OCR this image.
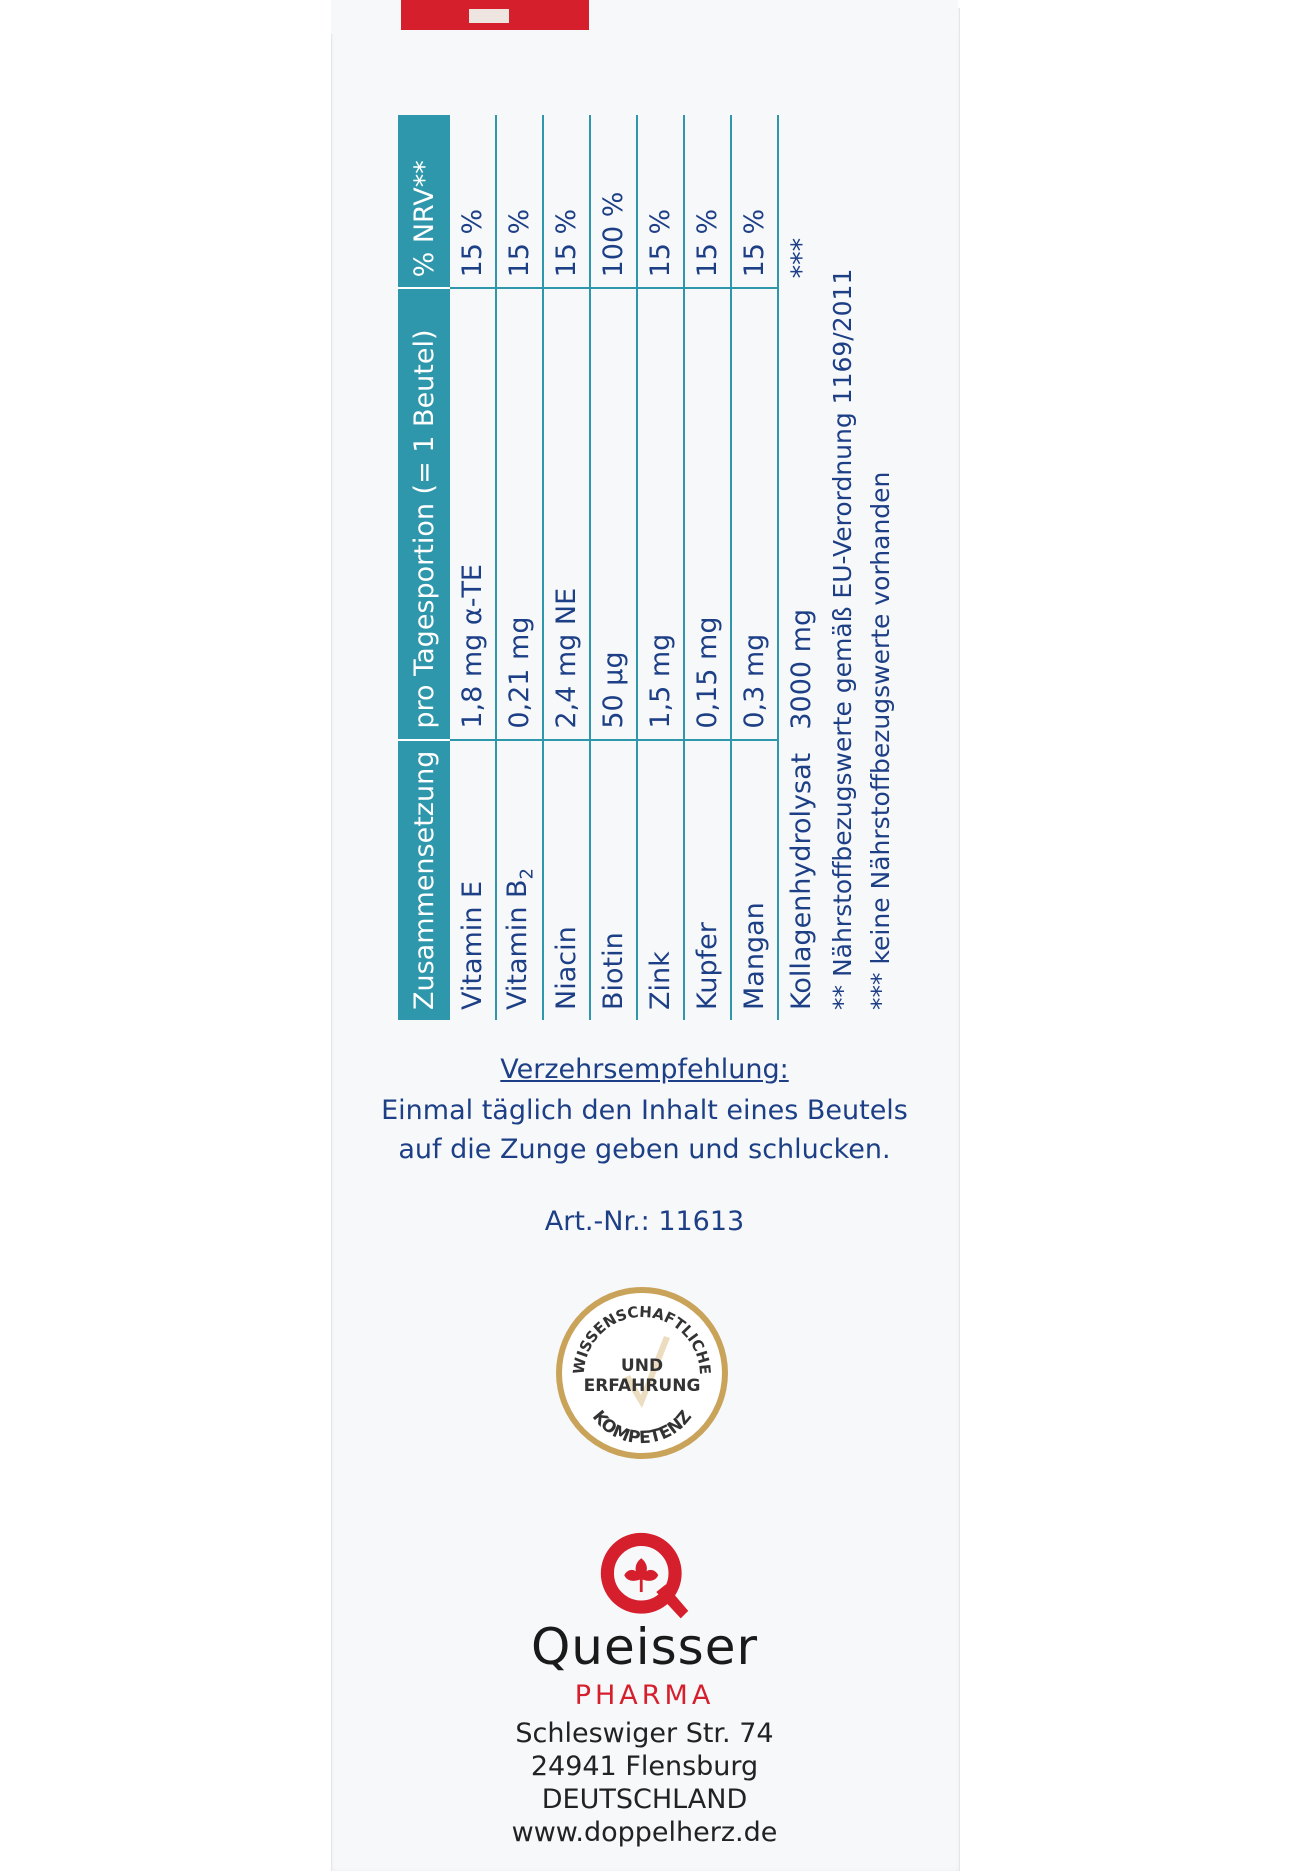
Zusammensetzung	pro Tagesportion (= 1 Beutel)	% NRV**
Vitamin E	1,8 mg α-TE	15 %
Vitamin $B_2$	0,21 mg	15 %
Niacin	2,4 mg NE	15 %
Biotin	50 µg	100 %
Zink	1,5 mg	15 %
Kupfer	0,15 mg	15 %
Mangan	0,3 mg	15 %
Kollagenhydrolysat	3000 mg	***
** Nährstoffbezugswerte gemäß EU-Verordnung 1169/2011 *** keine Nährstoffbezugswerte vorhanden
Verzehrsempfehlung:
Einmal täglich den Inhalt eines Beutels
auf die Zunge geben und schlucken.
Art.-Nr.: 11613
WISSENSCHAFTLICHE
UND
ERFAHRUNG
KOMPETENZ
Queisser
PHARMA
Schleswiger Str. 74
24941 Flensburg
DEUTSCHLAND
www.doppelherz.de
